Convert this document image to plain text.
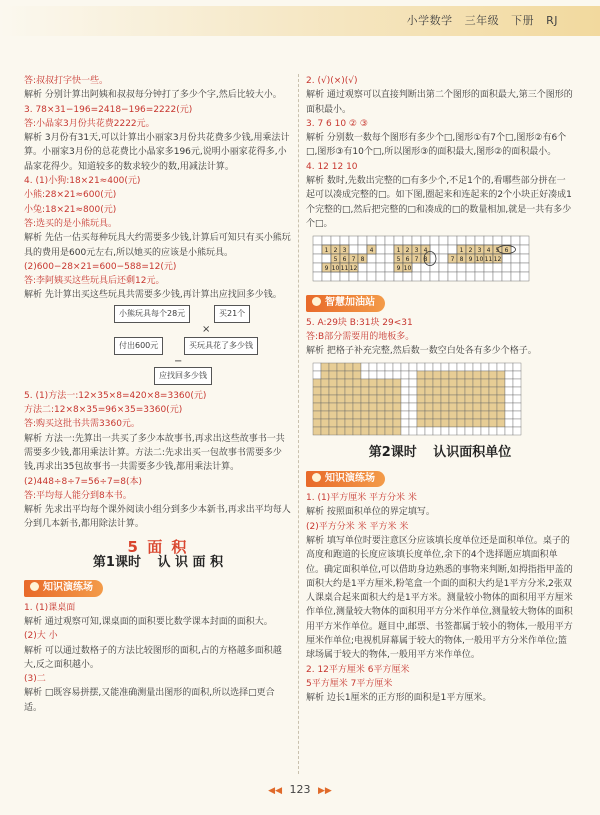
小学数学 三年级 下册 RJ

答:叔叔打字快一些。

解析 分别计算出阿姨和叔叔每分钟打了多少个字,然后比较大小。

3. 78×31−196=2418−196=2222(元)

答:小晶家3月份共花费2222元。

解析 3月份有31天,可以计算出小丽家3月份共花费多少钱,用乘法计算。小丽家3月份的总花费比小晶家多196元,说明小丽家花得多,小晶家花得少。知道较多的数求较少的数,用减法计算。

4. (1)小狗:18×21≈400(元)

小熊:28×21≈600(元)

小兔:18×21≈800(元)

答:选买的是小熊玩具。

解析 先估一估买每种玩具大约需要多少钱,计算后可知只有买小熊玩具的费用是600元左右,所以她买的应该是小熊玩具。

(2)600−28×21=600−588=12(元)

答:李阿姨买这些玩具后还剩12元。

解析 先计算出买这些玩具共需要多少钱,再计算出应找回多少钱。

小熊玩具每个28元	买21个
×
付出600元	买玩具花了多少钱
−
应找回多少钱

5. (1)方法一:12×35×8=420×8=3360(元)

方法二:12×8×35=96×35=3360(元)

答:购买这批书共需3360元。

解析 方法一:先算出一共买了多少本故事书,再求出这些故事书一共需要多少钱,都用乘法计算。方法二:先求出买一包故事书需要多少钱,再求出35包故事书一共需要多少钱,都用乘法计算。

(2)448÷8÷7=56÷7=8(本)

答:平均每人能分到8本书。

解析 先求出平均每个课外阅读小组分到多少本新书,再求出平均每人分到几本新书,都用除法计算。

5 面 积
第1课时 认 识 面 积
知识演练场

1. (1)课桌面

解析 通过观察可知,课桌面的面积要比数学课本封面的面积大。

(2)大 小

解析 可以通过数格子的方法比较图形的面积,占的方格越多面积越大,反之面积越小。

(3)二

解析 □既容易拼摆,又能准确测量出图形的面积,所以选择□更合适。

2. (√)(×)(√)

解析 通过观察可以直接判断出第二个图形的面积最大,第三个图形的面积最小。

3. 7 6 10 ② ③

解析 分别数一数每个图形有多少个□,图形①有7个□,图形②有6个□,图形③有10个□,所以图形③的面积最大,图形②的面积最小。

4. 12 12 10

解析 数时,先数出完整的□有多少个,不足1个的,看哪些部分拼在一起可以凑成完整的□。如下图,圈起来和连起来的2个小块正好凑成1个完整的□,然后把完整的□和凑成的□的数量相加,就是一共有多少个□。

1 2 3	4
5 6 7 8
9 10 11 12
1 2 3 4
5 6 7 8
9 10
1 2 3 4 5 6
7 8 9 10 11 12
智慧加油站

5. A:29块 B:31块 29<31

答:B部分需要用的地板多。

解析 把格子补充完整,然后数一数空白处各有多少个格子。

第2课时 认识面积单位
知识演练场

1. (1)平方厘米 平方分米 米

解析 按照面积单位的界定填写。

(2)平方分米 米 平方米 米

解析 填写单位时要注意区分应该填长度单位还是面积单位。桌子的高度和跑道的长度应该填长度单位,余下的4个选择题应填面积单位。确定面积单位,可以借助身边熟悉的事物来判断,如拇指指甲盖的面积大约是1平方厘米,粉笔盒一个面的面积大约是1平方分米,2张双人课桌合起来面积大约是1平方米。测量较小物体的面积用平方厘米作单位,测量较大物体的面积用平方分米作单位,测量较大物体的面积用平方米作单位。题目中,邮票、书签都属于较小的物体,一般用平方厘米作单位;电视机屏幕属于较大的物体,一般用平方分米作单位;篮球场属于较大的物体,一般用平方米作单位。

2. 12平方厘米 6平方厘米

5平方厘米 7平方厘米

解析 边长1厘米的正方形的面积是1平方厘米。

◀◀ 123 ▶▶
